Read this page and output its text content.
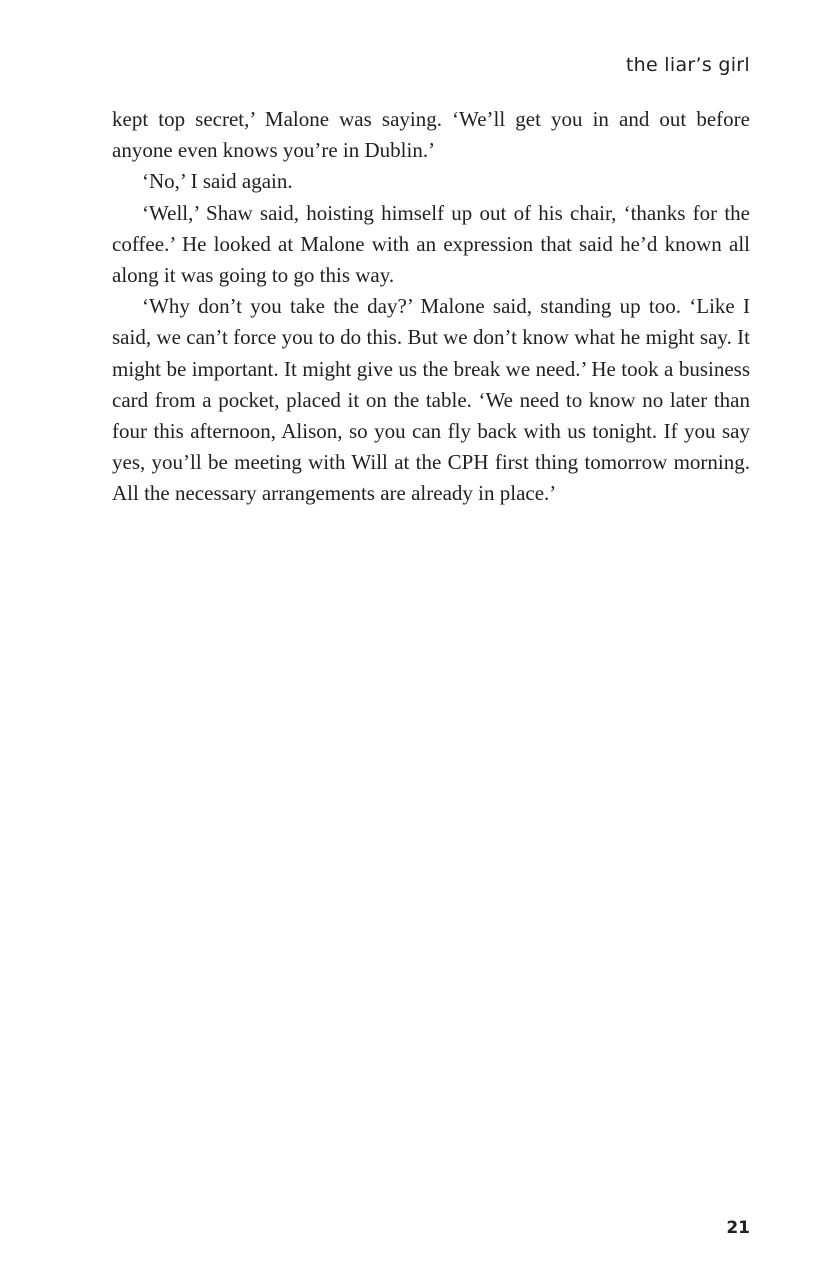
the liar’s girl

kept top secret,’ Malone was saying. ‘We’ll get you in and out before anyone even knows you’re in Dublin.’

‘No,’ I said again.

‘Well,’ Shaw said, hoisting himself up out of his chair, ‘thanks for the coffee.’ He looked at Malone with an expression that said he’d known all along it was going to go this way.

‘Why don’t you take the day?’ Malone said, standing up too. ‘Like I said, we can’t force you to do this. But we don’t know what he might say. It might be important. It might give us the break we need.’ He took a business card from a pocket, placed it on the table. ‘We need to know no later than four this afternoon, Alison, so you can fly back with us tonight. If you say yes, you’ll be meeting with Will at the CPH first thing tomorrow morning. All the necessary arrangements are already in place.’

21
